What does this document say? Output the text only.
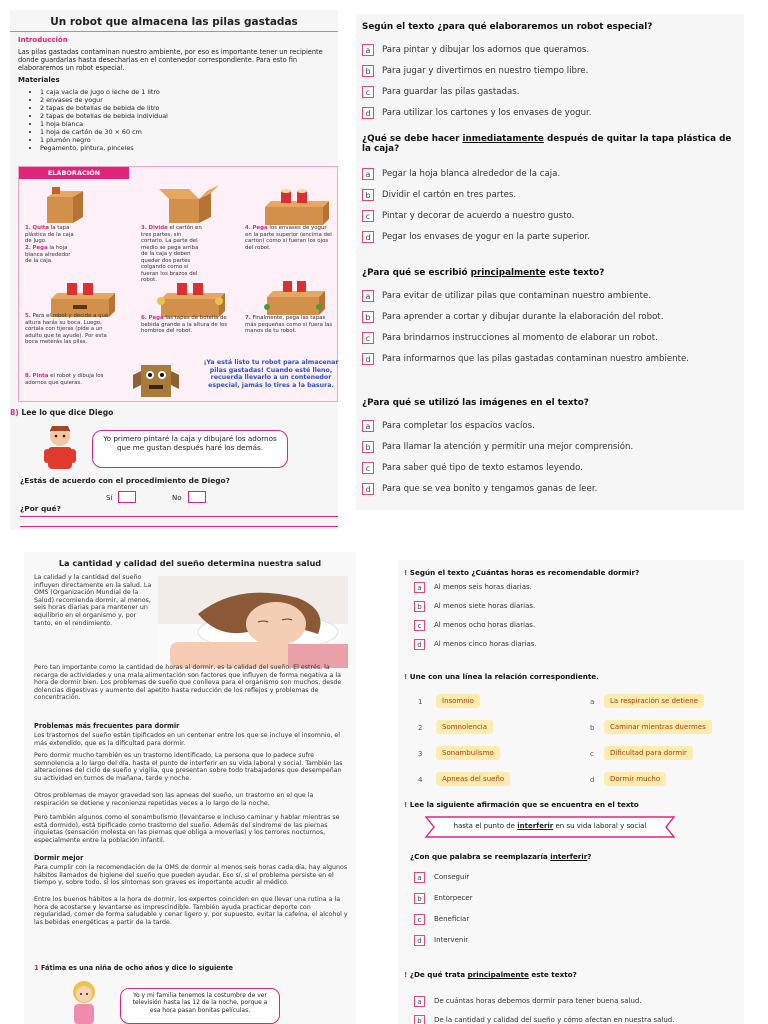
Un robot que almacena las pilas gastadas
Introducción
Las pilas gastadas contaminan nuestro ambiente, por eso es importante tener un recipiente donde guardarlas hasta desecharlas en el contenedor correspondiente. Para esto fin elaboraremos un robot especial.
Materiales
• 1 caja vacía de jugo o leche de 1 litro
• 2 envases de yogur
• 2 tapas de botellas de bebida de litro
• 2 tapas de botellas de bebida individual
• 1 hoja blanca
• 1 hoja de cartón de 30 × 60 cm
• 1 plumón negro
• Pegamento, pintura, pinceles
ELABORACIÓN
1. Quita la tapa plástica de la caja de jugo.
2. Pega la hoja blanca alrededor de la caja.
3. Divide el cartón en tres partes, sin cortarlo. La parte del medio se pega arriba de la caja y deben quedar dos partes colgando como si fueran los brazos del robot.
4. Pega los envases de yogur en la parte superior (encima del cartón) como si fueran los ojos del robot.
5. Para el robot y decide a qué altura harás su boca. Luego, córtala con tijeras (pide a un adulto que te ayude). Por esta boca meterás las pilas.
6. Pega las tapas de botella de bebida grande a la altura de los hombros del robot.
7. Finalmente, pega las tapas más pequeñas como si fuera las manos de tu robot.
8. Pinta el robot y dibuja los adornos que quieras.
¡Ya está listo tu robot para almacenar pilas gastadas! Cuando esté lleno, recuerda llevarlo a un contenedor especial, jamás lo tires a la basura.
8) Lee lo que dice Diego
Yo primero pintaré la caja y dibujaré los adornos que me gustan después haré los demás.
¿Estás de acuerdo con el procedimiento de Diego?
Sí	No
¿Por qué?
Según el texto ¿para qué elaboraremos un robot especial?
a	Para pintar y dibujar los adornos que queramos.
b	Para jugar y divertirnos en nuestro tiempo libre.
c	Para guardar las pilas gastadas.
d	Para utilizar los cartones y los envases de yogur.
¿Qué se debe hacer inmediatamente después de quitar la tapa plástica de la caja?
a	Pegar la hoja blanca alrededor de la caja.
b	Dividir el cartón en tres partes.
c	Pintar y decorar de acuerdo a nuestro gusto.
d	Pegar los envases de yogur en la parte superior.
¿Para qué se escribió principalmente este texto?
a	Para evitar de utilizar pilas que contaminan nuestro ambiente.
b	Para aprender a cortar y dibujar durante la elaboración del robot.
c	Para brindarnos instrucciones al momento de elaborar un robot.
d	Para informarnos que las pilas gastadas contaminan nuestro ambiente.
¿Para qué se utilizó las imágenes en el texto?
a	Para completar los espacios vacíos.
b	Para llamar la atención y permitir una mejor comprensión.
c	Para saber qué tipo de texto estamos leyendo.
d	Para que se vea bonito y tengamos ganas de leer.
La cantidad y calidad del sueño determina nuestra salud
La calidad y la cantidad del sueño influyen directamente en la salud. La OMS (Organización Mundial de la Salud) recomienda dormir, al menos, seis horas diarias para mantener un equilibrio en el organismo y, por tanto, en el rendimiento.
Pero tan importante como la cantidad de horas al dormir, es la calidad del sueño. El estrés, la recarga de actividades y una mala alimentación son factores que influyen de forma negativa a la hora de dormir bien. Los problemas de sueño que conlleva para el organismo son muchos, desde dolencias digestivas y aumento del apetito hasta reducción de los reflejos y problemas de concentración.
Problemas más frecuentes para dormir
Los trastornos del sueño están tipificados en un centenar entre los que se incluye el insomnio, el más extendido, que es la dificultad para dormir.
Pero dormir mucho también es un trastorno identificado. La persona que lo padece sufre somnolencia a lo largo del día, hasta el punto de interferir en su vida laboral y social. También las alteraciones del ciclo de sueño y vigilia, que presentan sobre todo trabajadores que desempeñan su actividad en turnos de mañana, tarde y noche.
Otros problemas de mayor gravedad son las apneas del sueño, un trastorno en el que la respiración se detiene y reconienza repetidas veces a lo largo de la noche.
Pero también algunos como el sonambulismo (levantarse e incluso caminar y hablar mientras se está dormido), está tipificado como trastorno del sueño. Además del síndrome de las piernas inquietas (sensación molesta en las piernas que obliga a moverlas) y los terrores nocturnos, especialmente entre la población infantil.
Dormir mejor
Para cumplir con la recomendación de la OMS de dormir al menos seis horas cada día, hay algunos hábitos llamados de higiene del sueño que pueden ayudar. Eso sí, si el problema persiste en el tiempo y, sobre todo, si los síntomas son graves es importante acudir al médico.
Entre los buenos hábitos a la hora de dormir, los expertos coinciden en que llevar una rutina a la hora de acostarse y levantarse es imprescindible. También ayuda practicar deporte con regularidad, comer de forma saludable y cenar ligero y, por supuesto, evitar la cafeína, el alcohol y las bebidas energéticas a partir de la tarde.
1 Fátima es una niña de ocho años y dice lo siguiente
Yo y mi familia tenemos la costumbre de ver televisión hasta las 12 de la noche, porque a esa hora pasan bonitas películas.
! Según el texto ¿Cuántas horas es recomendable dormir?
a	Al menos seis horas diarias.
b	Al menos siete horas diarias.
c	Al menos ocho horas diarias.
d	Al menos cinco horas diarias.
! Une con una línea la relación correspondiente.
1	Insomnio
2	Somnolencia
3	Sonambulismo
4	Apneas del sueño
a	La respiración se detiene
b	Caminar mientras duermes
c	Dificultad para dormir
d	Dormir mucho
! Lee la siguiente afirmación que se encuentra en el texto
hasta el punto de interferir en su vida laboral y social
¿Con que palabra se reemplazaría interferir?
a	Conseguir
b	Entorpecer
c	Beneficiar
d	Intervenir
! ¿De qué trata principalmente este texto?
a	De cuántas horas debemos dormir para tener buena salud.
b	De la cantidad y calidad del sueño y cómo afectan en nuestra salud.
